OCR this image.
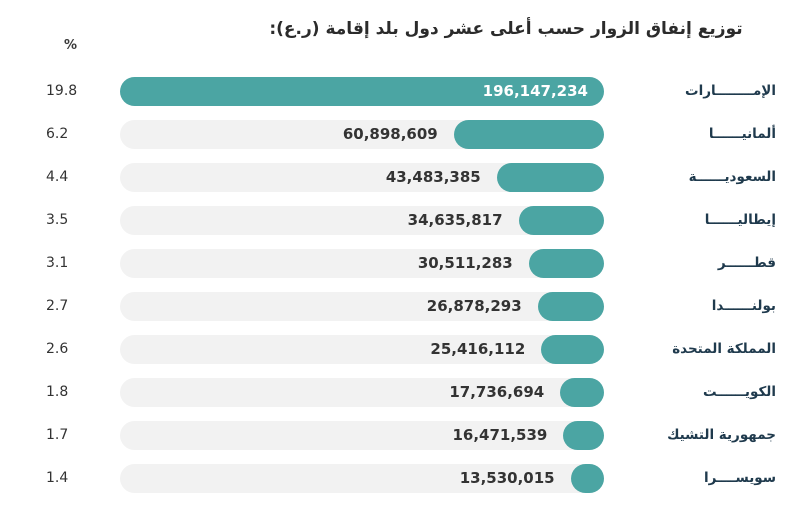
توزيع إنفاق الزوار حسب أعلى عشر دول بلد إقامة (ر.ع):
%
19.8	196,147,234	الإمــــــــارات
6.2	60,898,609	ألمانيــــــا
4.4	43,483,385	السعوديــــــة
3.5	34,635,817	إيطاليــــــا
3.1	30,511,283	قطــــــر
2.7	26,878,293	بولنــــــدا
2.6	25,416,112	المملكة المتحدة
1.8	17,736,694	الكويــــــت
1.7	16,471,539	جمهورية التشيك
1.4	13,530,015	سويســــرا
